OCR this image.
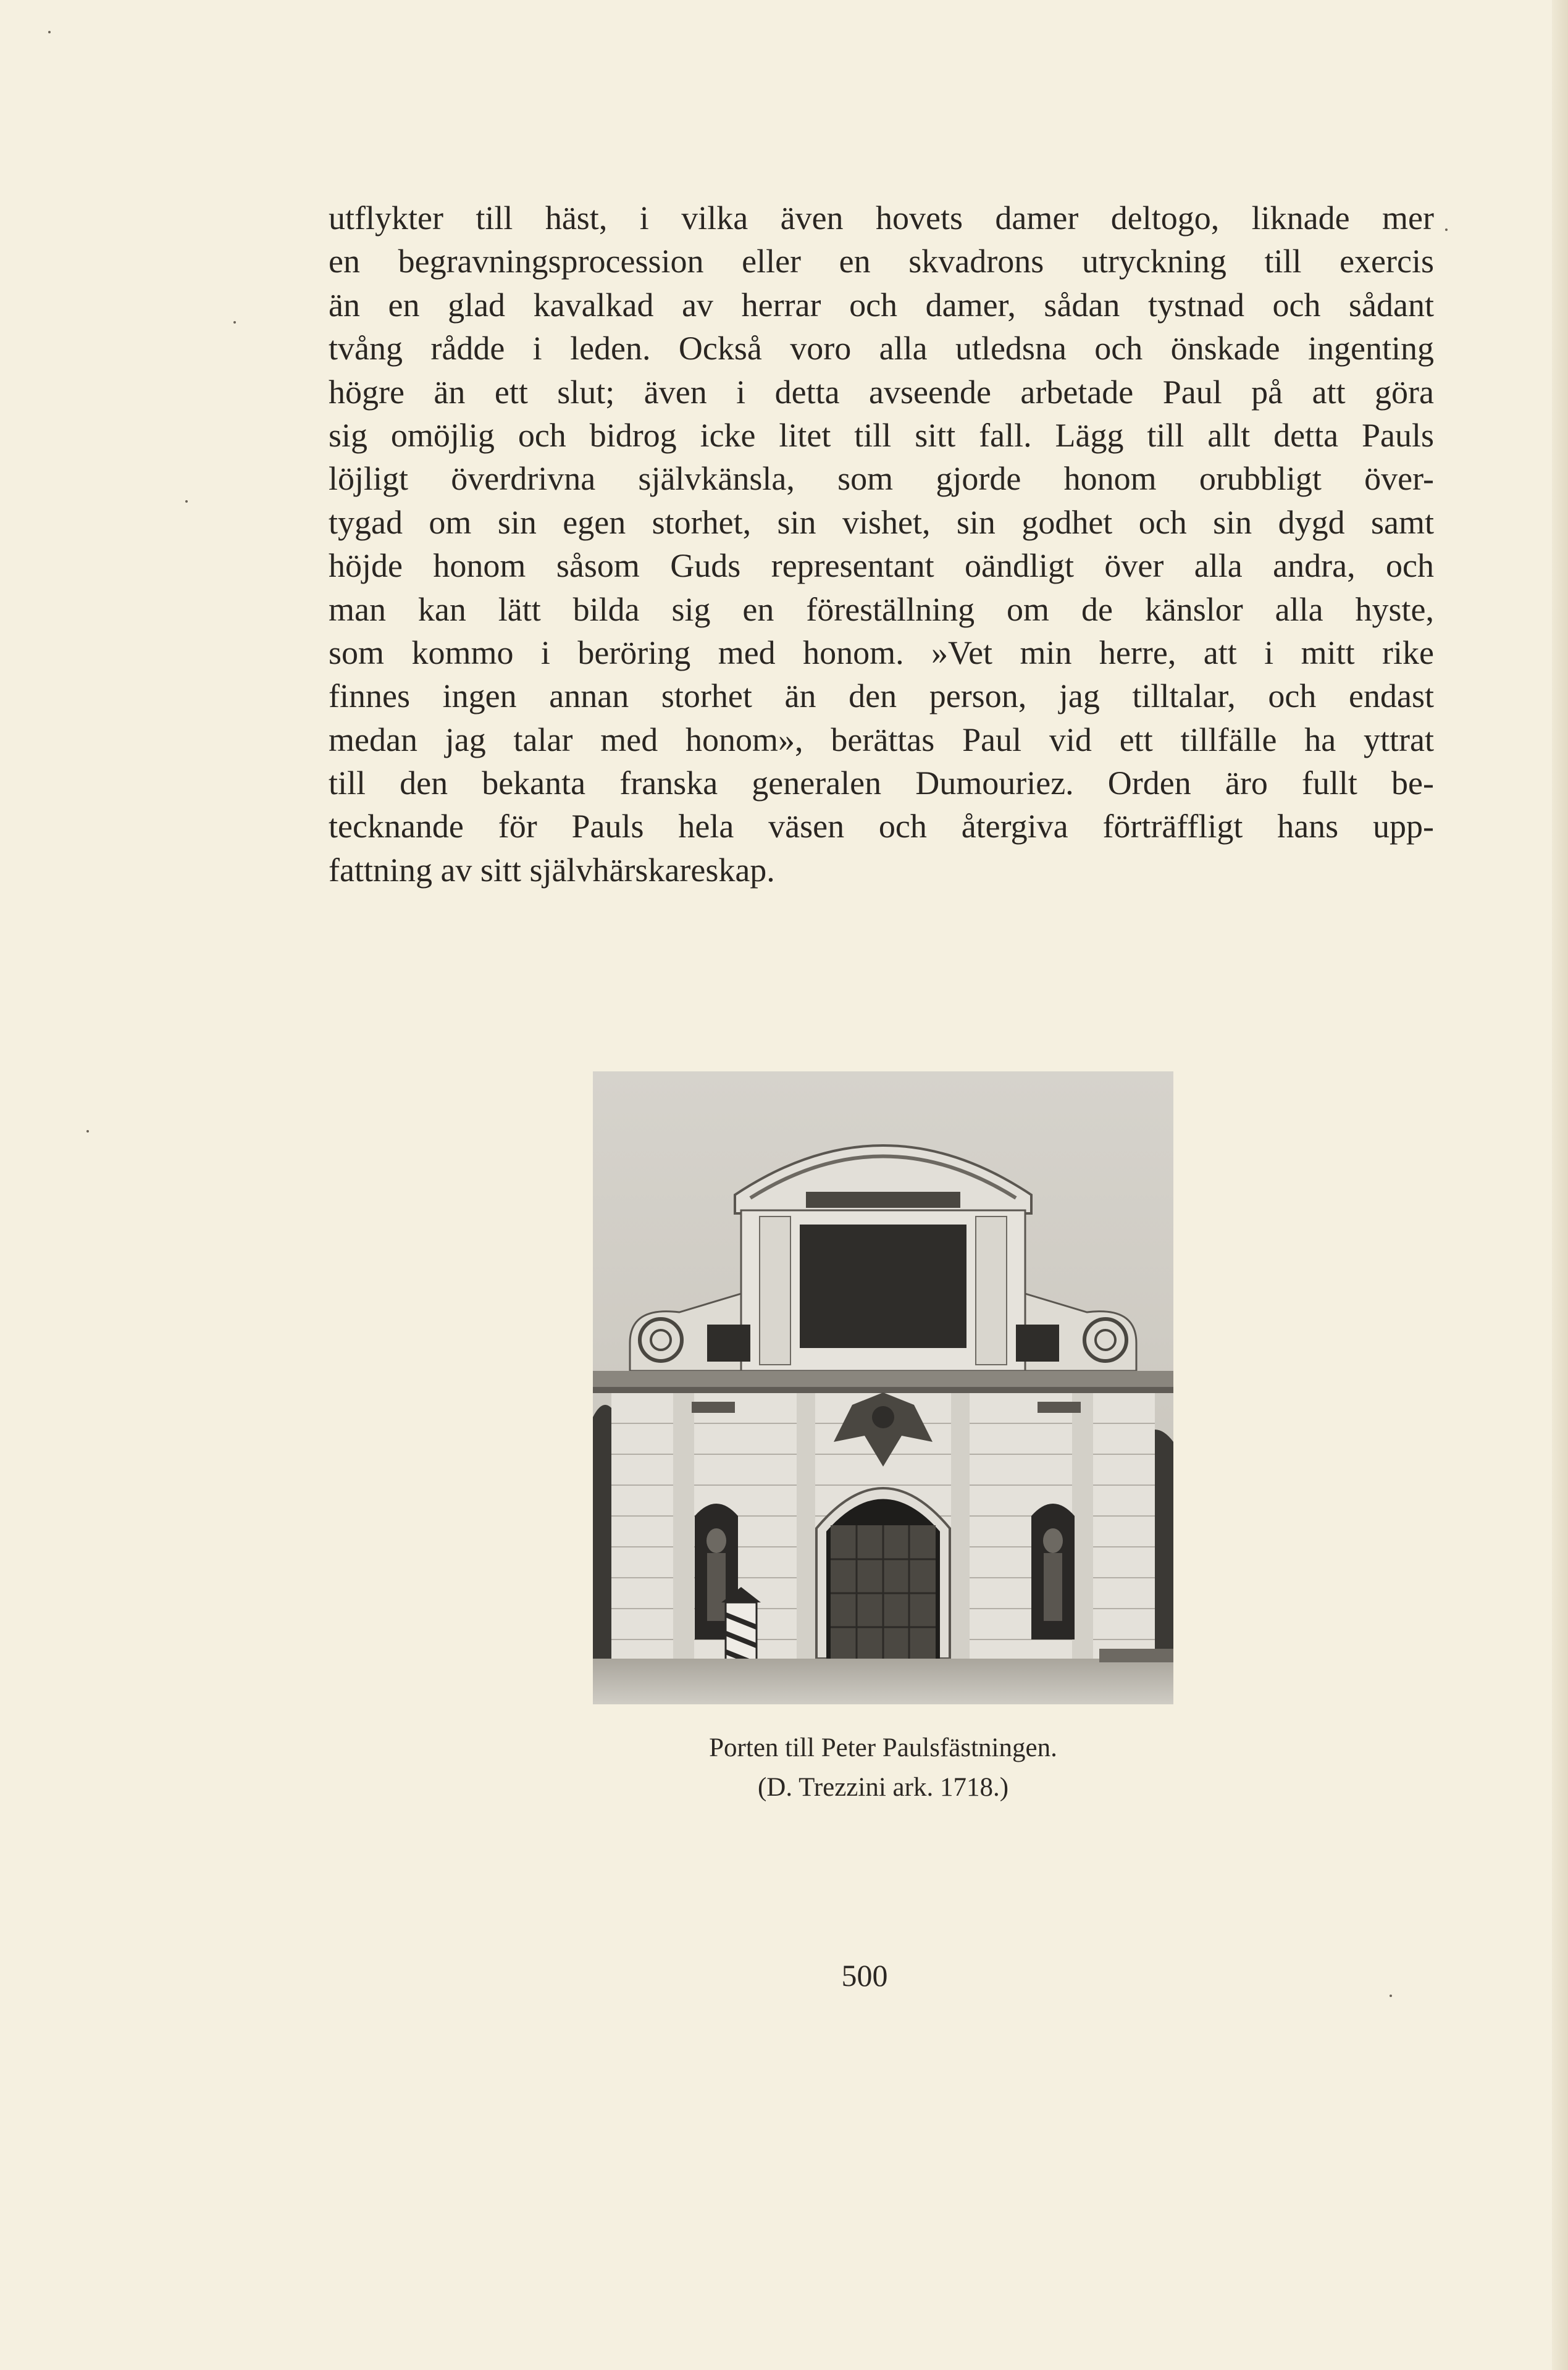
utflykter till häst, i vilka även hovets damer deltogo, liknade mer
en begravningsprocession eller en skvadrons utryckning till exercis
än en glad kavalkad av herrar och damer, sådan tystnad och sådant
tvång rådde i leden. Också voro alla utledsna och önskade ingenting
högre än ett slut; även i detta avseende arbetade Paul på att göra
sig omöjlig och bidrog icke litet till sitt fall. Lägg till allt detta Pauls
löjligt överdrivna självkänsla, som gjorde honom orubbligt över-
tygad om sin egen storhet, sin vishet, sin godhet och sin dygd samt
höjde honom såsom Guds representant oändligt över alla andra, och
man kan lätt bilda sig en föreställning om de känslor alla hyste,
som kommo i beröring med honom. »Vet min herre, att i mitt rike
finnes ingen annan storhet än den person, jag tilltalar, och endast
medan jag talar med honom», berättas Paul vid ett tillfälle ha yttrat
till den bekanta franska generalen Dumouriez. Orden äro fullt be-
tecknande för Pauls hela väsen och återgiva förträffligt hans upp-
fattning av sitt självhärskareskap.
Porten till Peter Paulsfästningen.
(D. Trezzini ark. 1718.)
500
